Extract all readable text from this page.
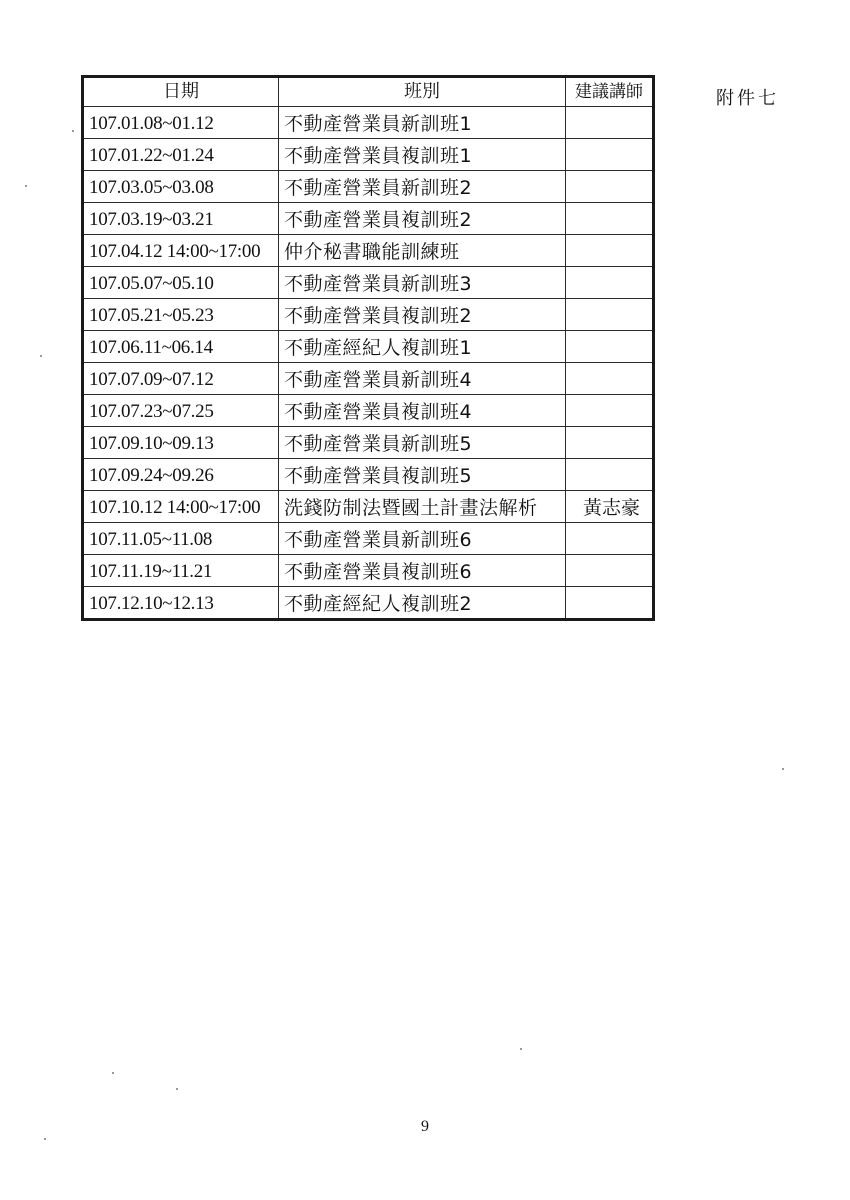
附件七
日期	班別	建議講師
107.01.08~01.12	不動產營業員新訓班1	
107.01.22~01.24	不動產營業員複訓班1	
107.03.05~03.08	不動產營業員新訓班2	
107.03.19~03.21	不動產營業員複訓班2	
107.04.12 14:00~17:00	仲介秘書職能訓練班	
107.05.07~05.10	不動產營業員新訓班3	
107.05.21~05.23	不動產營業員複訓班2	
107.06.11~06.14	不動產經紀人複訓班1	
107.07.09~07.12	不動產營業員新訓班4	
107.07.23~07.25	不動產營業員複訓班4	
107.09.10~09.13	不動產營業員新訓班5	
107.09.24~09.26	不動產營業員複訓班5	
107.10.12 14:00~17:00	洗錢防制法暨國土計畫法解析	黃志豪
107.11.05~11.08	不動產營業員新訓班6	
107.11.19~11.21	不動產營業員複訓班6	
107.12.10~12.13	不動產經紀人複訓班2	
9
